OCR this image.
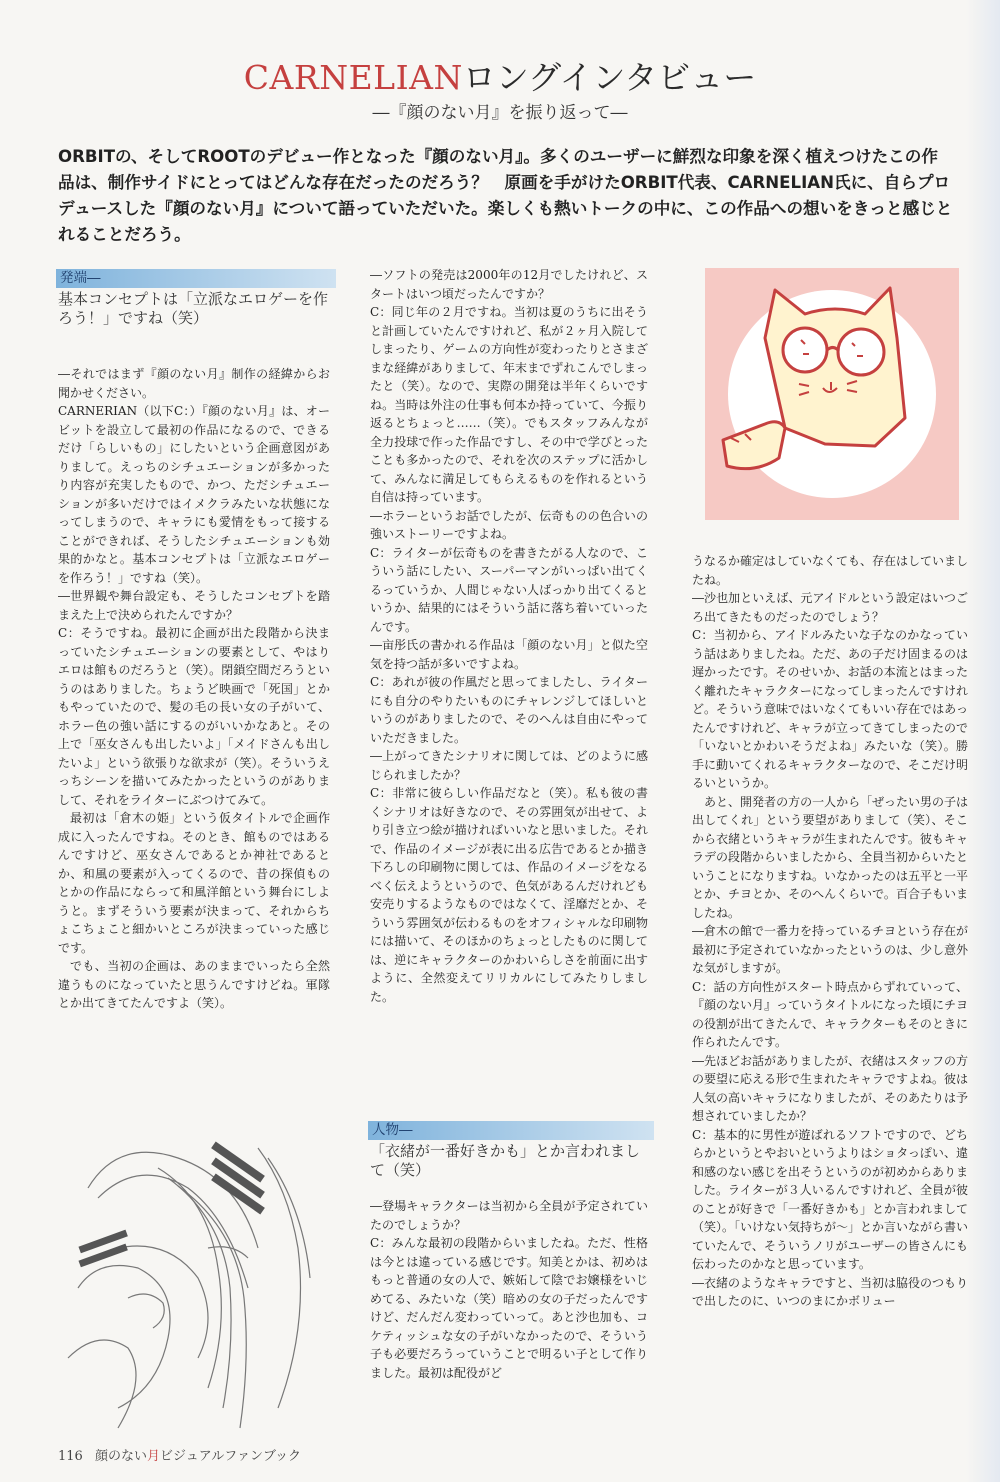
CARNELIANロングインタビュー
―『顔のない月』を振り返って―
ORBITの、そしてROOTのデビュー作となった『顔のない月』。多くのユーザーに鮮烈な印象を深く植えつけたこの作品は、制作サイドにとってはどんな存在だったのだろう？　原画を手がけたORBIT代表、CARNELIAN氏に、自らプロデュースした『顔のない月』について語っていただいた。楽しくも熱いトークの中に、この作品への想いをきっと感じとれることだろう。
発端―
基本コンセプトは「立派なエロゲーを作ろう！」ですね（笑）

―それではまず『顔のない月』制作の経緯からお聞かせください。

CARNERIAN（以下C：）『顔のない月』は、オービットを設立して最初の作品になるので、できるだけ「らしいもの」にしたいという企画意図がありまして。えっちのシチュエーションが多かったり内容が充実したもので、かつ、ただシチュエーションが多いだけではイメクラみたいな状態になってしまうので、キャラにも愛情をもって接することができれば、そうしたシチュエーションも効果的かなと。基本コンセプトは「立派なエロゲーを作ろう！」ですね（笑）。

―世界観や舞台設定も、そうしたコンセプトを踏まえた上で決められたんですか？

C：そうですね。最初に企画が出た段階から決まっていたシチュエーションの要素として、やはりエロは館ものだろうと（笑）。閉鎖空間だろうというのはありました。ちょうど映画で「死国」とかもやっていたので、髪の毛の長い女の子がいて、ホラー色の強い話にするのがいいかなあと。その上で「巫女さんも出したいよ」「メイドさんも出したいよ」という欲張りな欲求が（笑）。そういうえっちシーンを描いてみたかったというのがありまして、それをライターにぶつけてみて。

最初は「倉木の姫」という仮タイトルで企画作成に入ったんですね。そのとき、館ものではあるんですけど、巫女さんであるとか神社であるとか、和風の要素が入ってくるので、昔の探偵ものとかの作品にならって和風洋館という舞台にしようと。まずそういう要素が決まって、それからちょこちょこと細かいところが決まっていった感じです。

でも、当初の企画は、あのままでいったら全然違うものになっていたと思うんですけどね。軍隊とか出てきてたんですよ（笑）。

―ソフトの発売は2000年の12月でしたけれど、スタートはいつ頃だったんですか？

C：同じ年の２月ですね。当初は夏のうちに出そうと計画していたんですけれど、私が２ヶ月入院してしまったり、ゲームの方向性が変わったりとさまざまな経緯がありまして、年末までずれこんでしまったと（笑）。なので、実際の開発は半年くらいですね。当時は外注の仕事も何本か持っていて、今振り返るとちょっと……（笑）。でもスタッフみんなが全力投球で作った作品ですし、その中で学びとったことも多かったので、それを次のステップに活かして、みんなに満足してもらえるものを作れるという自信は持っています。

―ホラーというお話でしたが、伝奇ものの色合いの強いストーリーですよね。

C：ライターが伝奇ものを書きたがる人なので、こういう話にしたい、スーパーマンがいっぱい出てくるっていうか、人間じゃない人ばっかり出てくるというか、結果的にはそういう話に落ち着いていったんです。

―亩彤氏の書かれる作品は「顔のない月」と似た空気を持つ話が多いですよね。

C：あれが彼の作風だと思ってましたし、ライターにも自分のやりたいものにチャレンジしてほしいというのがありましたので、そのへんは自由にやっていただきました。

―上がってきたシナリオに関しては、どのように感じられましたか？

C：非常に彼らしい作品だなと（笑）。私も彼の書くシナリオは好きなので、その雰囲気が出せて、より引き立つ絵が描ければいいなと思いました。それで、作品のイメージが表に出る広告であるとか描き下ろしの印刷物に関しては、作品のイメージをなるべく伝えようというので、色気があるんだけれども安売りするようなものではなくて、淫靡だとか、そういう雰囲気が伝わるものをオフィシャルな印刷物には描いて、そのほかのちょっとしたものに関しては、逆にキャラクターのかわいらしさを前面に出すように、全然変えてリリカルにしてみたりしました。

人物―
「衣緒が一番好きかも」とか言われまして（笑）

―登場キャラクターは当初から全員が予定されていたのでしょうか？

C：みんな最初の段階からいましたね。ただ、性格は今とは違っている感じです。知美とかは、初めはもっと普通の女の人で、嫉妬して陰でお嬢様をいじめてる、みたいな（笑）暗めの女の子だったんですけど、だんだん変わっていって。あと沙也加も、コケティッシュな女の子がいなかったので、そういう子も必要だろうっていうことで明るい子として作りました。最初は配役がど

うなるか確定はしていなくても、存在はしていましたね。

―沙也加といえば、元アイドルという設定はいつごろ出てきたものだったのでしょう？

C：当初から、アイドルみたいな子なのかなっていう話はありましたね。ただ、あの子だけ固まるのは遅かったです。そのせいか、お話の本流とはまったく離れたキャラクターになってしまったんですけれど。そういう意味ではいなくてもいい存在ではあったんですけれど、キャラが立ってきてしまったので「いないとかわいそうだよね」みたいな（笑）。勝手に動いてくれるキャラクターなので、そこだけ明るいというか。

あと、開発者の方の一人から「ぜったい男の子は出してくれ」という要望がありまして（笑）、そこから衣緒というキャラが生まれたんです。彼もキャラデの段階からいましたから、全員当初からいたということになりますね。いなかったのは五平と一平とか、チヨとか、そのへんくらいで。百合子もいましたね。

―倉木の館で一番力を持っているチヨという存在が最初に予定されていなかったというのは、少し意外な気がしますが。

C：話の方向性がスタート時点からずれていって、『顔のない月』っていうタイトルになった頃にチヨの役割が出てきたんで、キャラクターもそのときに作られたんです。

―先ほどお話がありましたが、衣緒はスタッフの方の要望に応える形で生まれたキャラですよね。彼は人気の高いキャラになりましたが、そのあたりは予想されていましたか？

C：基本的に男性が遊ばれるソフトですので、どちらかというとやおいというよりはショタっぽい、違和感のない感じを出そうというのが初めからありました。ライターが３人いるんですけれど、全員が彼のことが好きで「一番好きかも」とか言われまして（笑）。「いけない気持ちが～」とか言いながら書いていたんで、そういうノリがユーザーの皆さんにも伝わったのかなと思っています。

―衣緒のようなキャラですと、当初は脇役のつもりで出したのに、いつのまにかボリュー

116 顔のない月ビジュアルファンブック
